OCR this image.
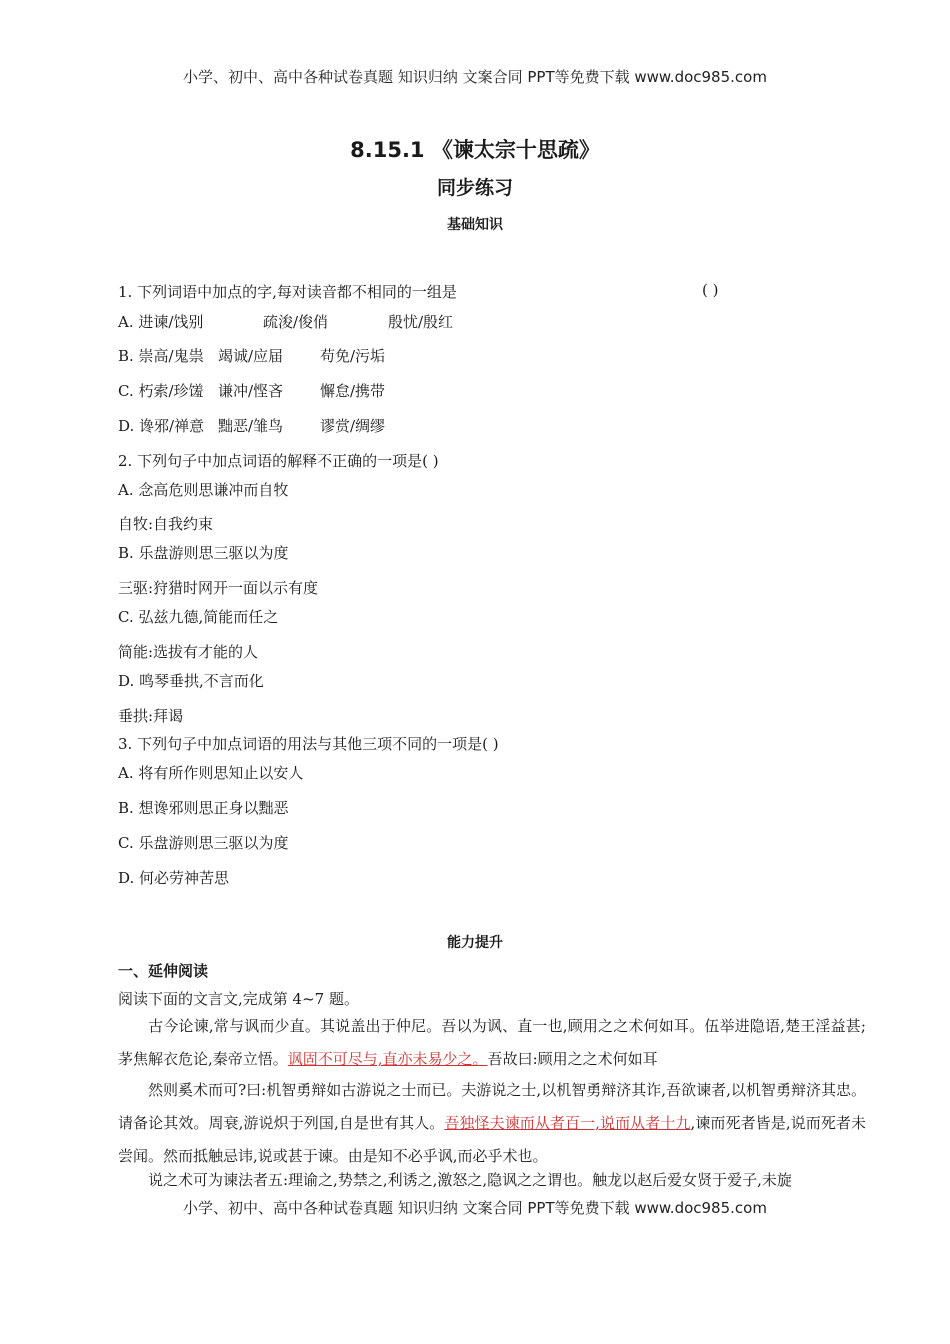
小学、初中、高中各种试卷真题 知识归纳 文案合同 PPT等免费下载 www.doc985.com
8.15.1 《谏太宗十思疏》
同步练习
基础知识
1. 下列词语中加点的字,每对读音都不相同的一组是	( )
A. 进谏/饯别	疏浚/俊俏	殷忧/殷红
B. 崇高/鬼祟 竭诚/应届 苟免/污垢
C. 朽索/珍馐 谦冲/悭吝 懈怠/携带
D. 谗邪/禅意 黜恶/雏鸟 谬赏/绸缪
2. 下列句子中加点词语的解释不正确的一项是( )
A. 念高危则思谦冲而自牧
自牧:自我约束
B. 乐盘游则思三驱以为度
三驱:狩猎时网开一面以示有度
C. 弘兹九德,简能而任之
简能:选拔有才能的人
D. 鸣琴垂拱,不言而化
垂拱:拜谒
3. 下列句子中加点词语的用法与其他三项不同的一项是( )
A. 将有所作则思知止以安人
B. 想谗邪则思正身以黜恶
C. 乐盘游则思三驱以为度
D. 何必劳神苦思
能力提升
一、延伸阅读
阅读下面的文言文,完成第 4~7 题。
古今论谏,常与讽而少直。其说盖出于仲尼。吾以为讽、直一也,顾用之之术何如耳。伍举进隐语,楚王淫益甚;茅焦解衣危论,秦帝立悟。讽固不可尽与,直亦未易少之。吾故曰:顾用之之术何如耳
然则奚术而可?曰:机智勇辩如古游说之士而已。夫游说之士,以机智勇辩济其诈,吾欲谏者,以机智勇辩济其忠。请备论其效。周衰,游说炽于列国,自是世有其人。吾独怪夫谏而从者百一,说而从者十九,谏而死者皆是,说而死者未尝闻。然而抵触忌讳,说或甚于谏。由是知不必乎讽,而必乎术也。
说之术可为谏法者五:理谕之,势禁之,利诱之,激怒之,隐讽之之谓也。触龙以赵后爱女贤于爱子,未旋
小学、初中、高中各种试卷真题 知识归纳 文案合同 PPT等免费下载 www.doc985.com
